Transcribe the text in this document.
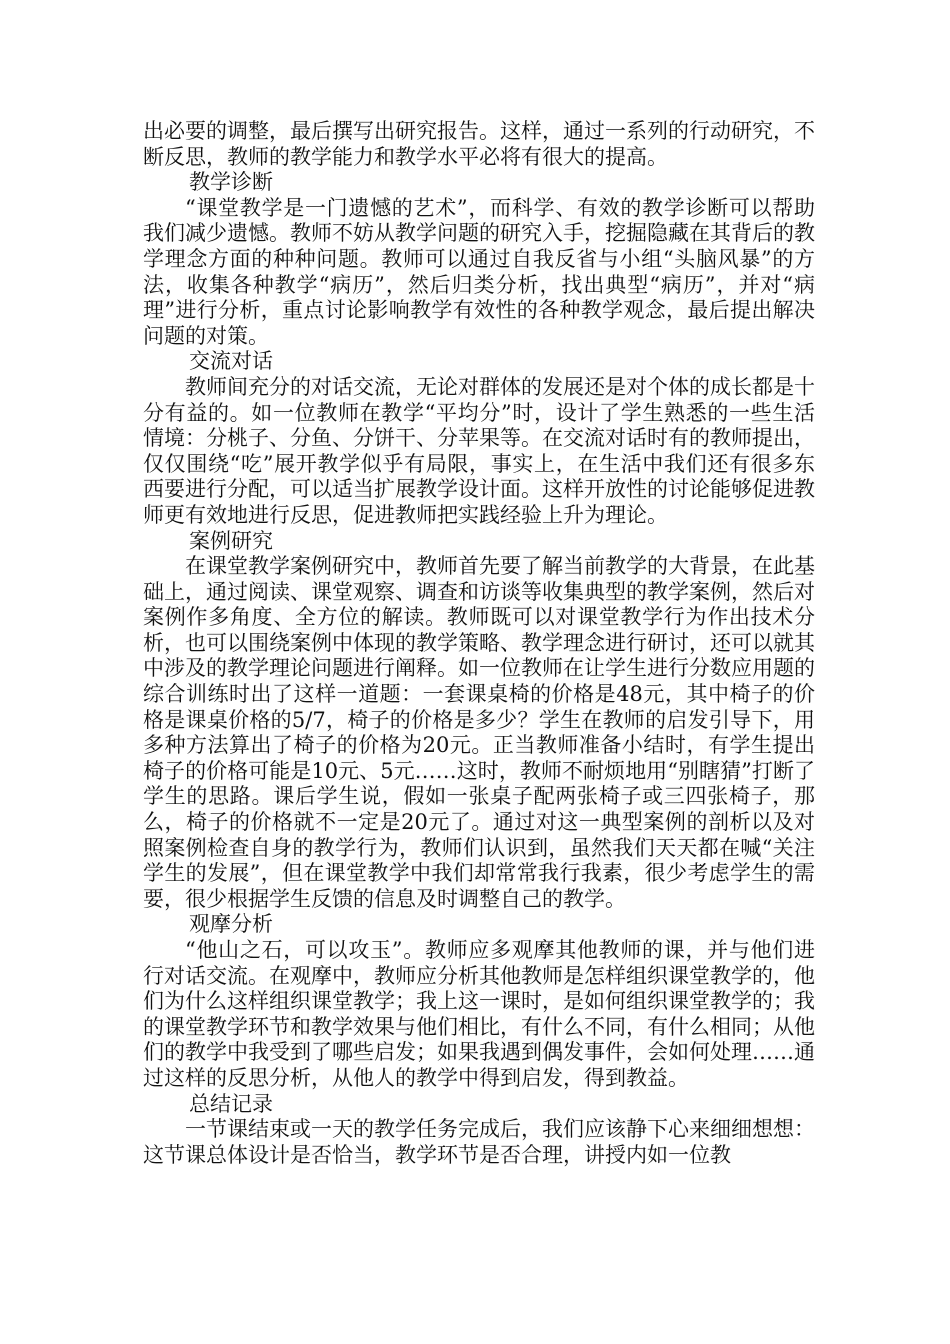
出必要的调整，最后撰写出研究报告。这样，通过一系列的行动研究，不断反思，教师的教学能力和教学水平必将有很大的提高。

教学诊断

“课堂教学是一门遗憾的艺术”，而科学、有效的教学诊断可以帮助我们减少遗憾。教师不妨从教学问题的研究入手，挖掘隐藏在其背后的教学理念方面的种种问题。教师可以通过自我反省与小组“头脑风暴”的方法，收集各种教学“病历”，然后归类分析，找出典型“病历”，并对“病理”进行分析，重点讨论影响教学有效性的各种教学观念，最后提出解决问题的对策。

交流对话

教师间充分的对话交流，无论对群体的发展还是对个体的成长都是十分有益的。如一位教师在教学“平均分”时，设计了学生熟悉的一些生活情境：分桃子、分鱼、分饼干、分苹果等。在交流对话时有的教师提出，仅仅围绕“吃”展开教学似乎有局限，事实上，在生活中我们还有很多东西要进行分配，可以适当扩展教学设计面。这样开放性的讨论能够促进教师更有效地进行反思，促进教师把实践经验上升为理论。

案例研究

在课堂教学案例研究中，教师首先要了解当前教学的大背景，在此基础上，通过阅读、课堂观察、调查和访谈等收集典型的教学案例，然后对案例作多角度、全方位的解读。教师既可以对课堂教学行为作出技术分析，也可以围绕案例中体现的教学策略、教学理念进行研讨，还可以就其中涉及的教学理论问题进行阐释。如一位教师在让学生进行分数应用题的综合训练时出了这样一道题：一套课桌椅的价格是48元，其中椅子的价格是课桌价格的5/7，椅子的价格是多少？学生在教师的启发引导下，用多种方法算出了椅子的价格为20元。正当教师准备小结时，有学生提出椅子的价格可能是10元、5元……这时，教师不耐烦地用“别瞎猜”打断了学生的思路。课后学生说，假如一张桌子配两张椅子或三四张椅子，那么，椅子的价格就不一定是20元了。通过对这一典型案例的剖析以及对照案例检查自身的教学行为，教师们认识到，虽然我们天天都在喊“关注学生的发展”，但在课堂教学中我们却常常我行我素，很少考虑学生的需要，很少根据学生反馈的信息及时调整自己的教学。

观摩分析

“他山之石，可以攻玉”。教师应多观摩其他教师的课，并与他们进行对话交流。在观摩中，教师应分析其他教师是怎样组织课堂教学的，他们为什么这样组织课堂教学；我上这一课时，是如何组织课堂教学的；我的课堂教学环节和教学效果与他们相比，有什么不同，有什么相同；从他们的教学中我受到了哪些启发；如果我遇到偶发事件，会如何处理……通过这样的反思分析，从他人的教学中得到启发，得到教益。

总结记录

一节课结束或一天的教学任务完成后，我们应该静下心来细细想想：这节课总体设计是否恰当，教学环节是否合理，讲授内如一位教
